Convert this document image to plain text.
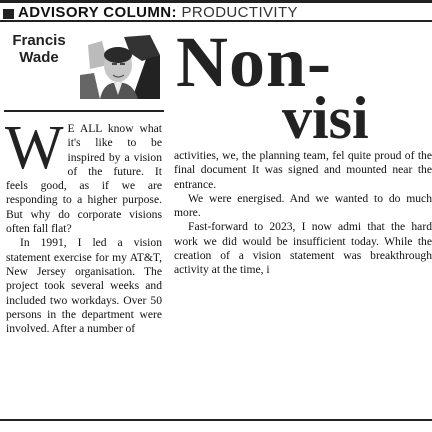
ADVISORY COLUMN: PRODUCTIVITY
Francis
Wade Non-
visi
W E ALL know what it's like to be inspired by a vision of the future. It feels good, as if we are responding to a higher purpose. But why do corporate visions often fall flat?

In 1991, I led a vision statement exercise for my AT&T, New Jersey organisation. The project took several weeks and included two workdays. Over 50 persons in the department were involved. After a number of

activities, we, the planning team, fel quite proud of the final document It was signed and mounted near the entrance.

We were energised. And we wanted to do much more.

Fast-forward to 2023, I now admi that the hard work we did would be insufficient today. While the creation of a vision statement was breakthrough activity at the time, i
